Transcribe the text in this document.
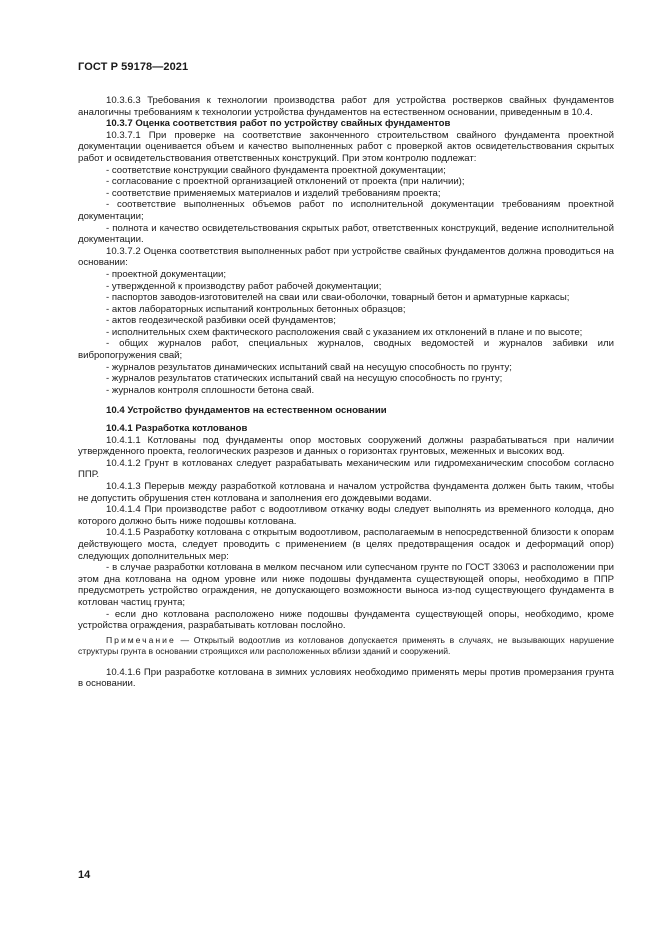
ГОСТ Р 59178—2021

10.3.6.3 Требования к технологии производства работ для устройства ростверков свайных фундаментов аналогичны требованиям к технологии устройства фундаментов на естественном основании, приведенным в 10.4.

10.3.7 Оценка соответствия работ по устройству свайных фундаментов

10.3.7.1 При проверке на соответствие законченного строительством свайного фундамента проектной документации оценивается объем и качество выполненных работ с проверкой актов освидетельствования скрытых работ и освидетельствования ответственных конструкций. При этом контролю подлежат:

- соответствие конструкции свайного фундамента проектной документации;

- согласование с проектной организацией отклонений от проекта (при наличии);

- соответствие применяемых материалов и изделий требованиям проекта;

- соответствие выполненных объемов работ по исполнительной документации требованиям проектной документации;

- полнота и качество освидетельствования скрытых работ, ответственных конструкций, ведение исполнительной документации.

10.3.7.2 Оценка соответствия выполненных работ при устройстве свайных фундаментов должна проводиться на основании:

- проектной документации;

- утвержденной к производству работ рабочей документации;

- паспортов заводов-изготовителей на сваи или сваи-оболочки, товарный бетон и арматурные каркасы;

- актов лабораторных испытаний контрольных бетонных образцов;

- актов геодезической разбивки осей фундаментов;

- исполнительных схем фактического расположения свай с указанием их отклонений в плане и по высоте;

- общих журналов работ, специальных журналов, сводных ведомостей и журналов забивки или вибропогружения свай;

- журналов результатов динамических испытаний свай на несущую способность по грунту;

- журналов результатов статических испытаний свай на несущую способность по грунту;

- журналов контроля сплошности бетона свай.

10.4 Устройство фундаментов на естественном основании

10.4.1 Разработка котлованов

10.4.1.1 Котлованы под фундаменты опор мостовых сооружений должны разрабатываться при наличии утвержденного проекта, геологических разрезов и данных о горизонтах грунтовых, меженных и высоких вод.

10.4.1.2 Грунт в котлованах следует разрабатывать механическим или гидромеханическим способом согласно ППР.

10.4.1.3 Перерыв между разработкой котлована и началом устройства фундамента должен быть таким, чтобы не допустить обрушения стен котлована и заполнения его дождевыми водами.

10.4.1.4 При производстве работ с водоотливом откачку воды следует выполнять из временного колодца, дно которого должно быть ниже подошвы котлована.

10.4.1.5 Разработку котлована с открытым водоотливом, располагаемым в непосредственной близости к опорам действующего моста, следует проводить с применением (в целях предотвращения осадок и деформаций опор) следующих дополнительных мер:

- в случае разработки котлована в мелком песчаном или супесчаном грунте по ГОСТ 33063 и расположении при этом дна котлована на одном уровне или ниже подошвы фундамента существующей опоры, необходимо в ППР предусмотреть устройство ограждения, не допускающего возможности выноса из-под существующего фундамента в котлован частиц грунта;

- если дно котлована расположено ниже подошвы фундамента существующей опоры, необходимо, кроме устройства ограждения, разрабатывать котлован послойно.

Примечание — Открытый водоотлив из котлованов допускается применять в случаях, не вызывающих нарушение структуры грунта в основании строящихся или расположенных вблизи зданий и сооружений.

10.4.1.6 При разработке котлована в зимних условиях необходимо применять меры против промерзания грунта в основании.

14
